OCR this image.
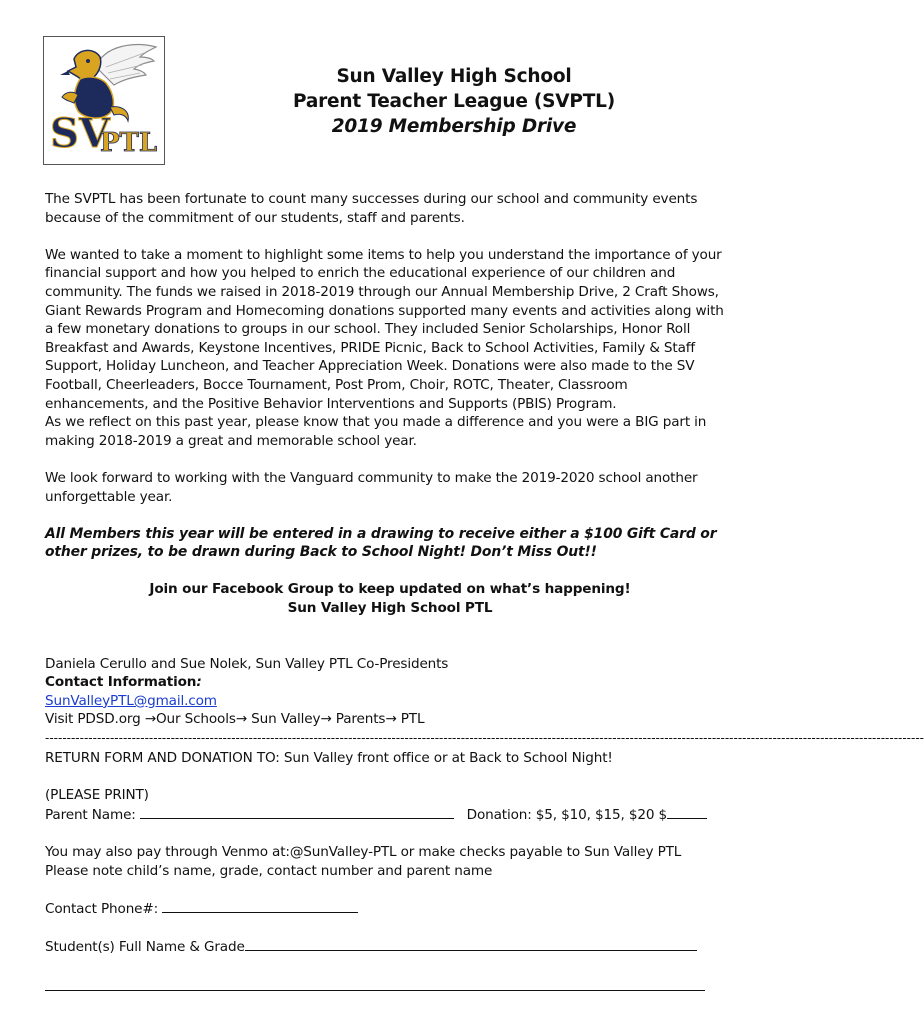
SV
PTL
Sun Valley High School
Parent Teacher League (SVPTL)
2019 Membership Drive

The SVPTL has been fortunate to count many successes during our school and community events because of the commitment of our students, staff and parents.

We wanted to take a moment to highlight some items to help you understand the importance of your financial support and how you helped to enrich the educational experience of our children and community. The funds we raised in 2018-2019 through our Annual Membership Drive, 2 Craft Shows, Giant Rewards Program and Homecoming donations supported many events and activities along with a few monetary donations to groups in our school. They included Senior Scholarships, Honor Roll Breakfast and Awards, Keystone Incentives, PRIDE Picnic, Back to School Activities, Family & Staff Support, Holiday Luncheon, and Teacher Appreciation Week. Donations were also made to the SV Football, Cheerleaders, Bocce Tournament, Post Prom, Choir, ROTC, Theater, Classroom enhancements, and the Positive Behavior Interventions and Supports (PBIS) Program.

As we reflect on this past year, please know that you made a difference and you were a BIG part in making 2018-2019 a great and memorable school year.

We look forward to working with the Vanguard community to make the 2019-2020 school another unforgettable year.

All Members this year will be entered in a drawing to receive either a $100 Gift Card or other prizes, to be drawn during Back to School Night! Don’t Miss Out!!

Join our Facebook Group to keep updated on what’s happening!

Sun Valley High School PTL

Daniela Cerullo and Sue Nolek, Sun Valley PTL Co-Presidents

Contact Information:

SunValleyPTL@gmail.com

Visit PDSD.org →Our Schools→ Sun Valley→ Parents→ PTL

-----------------------------------------------------------------------------------------------------------------------------------------------------------------------------------------------------------

RETURN FORM AND DONATION TO: Sun Valley front office or at Back to School Night!

(PLEASE PRINT)

Parent Name:	Donation: $5, $10, $15, $20 $

You may also pay through Venmo at:@SunValley-PTL or make checks payable to Sun Valley PTL

Please note child’s name, grade, contact number and parent name

Contact Phone#:

Student(s) Full Name & Grade
